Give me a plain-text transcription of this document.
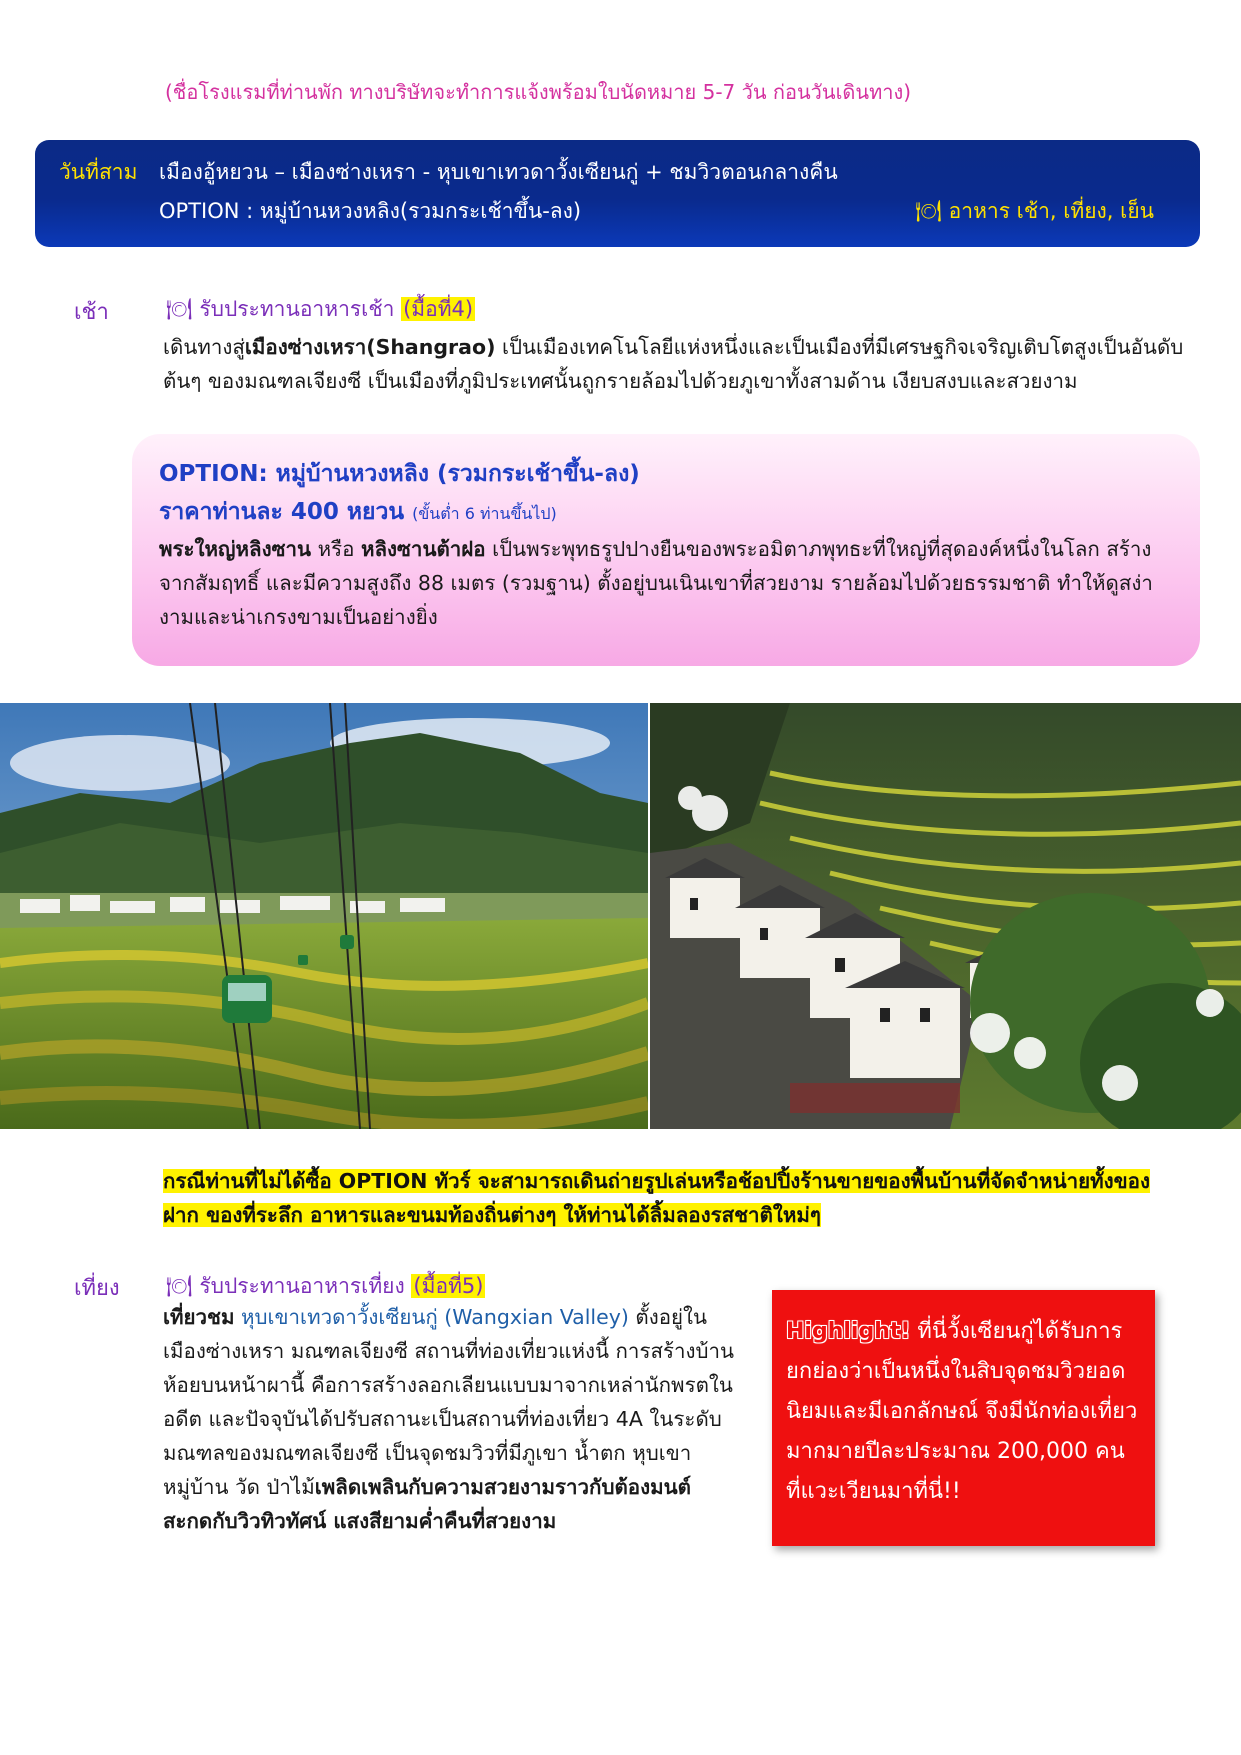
(ชื่อโรงแรมที่ท่านพัก ทางบริษัทจะทำการแจ้งพร้อมใบนัดหมาย 5-7 วัน ก่อนวันเดินทาง)
วันที่สาม เมืองอู้หยวน – เมืองซ่างเหรา - หุบเขาเทวดาวั้งเซียนกู่ + ชมวิวตอนกลางคืน
OPTION : หมู่บ้านหวงหลิง(รวมกระเช้าขึ้น-ลง)	🍽 อาหาร เช้า, เที่ยง, เย็น
เช้า	🍽 รับประทานอาหารเช้า (มื้อที่4)
เดินทางสู่เมืองซ่างเหรา(Shangrao) เป็นเมืองเทคโนโลยีแห่งหนึ่งและเป็นเมืองที่มีเศรษฐกิจเจริญเติบโตสูงเป็นอันดับต้นๆ ของมณฑลเจียงซี เป็นเมืองที่ภูมิประเทศนั้นถูกรายล้อมไปด้วยภูเขาทั้งสามด้าน เงียบสงบและสวยงาม
OPTION: หมู่บ้านหวงหลิง (รวมกระเช้าขึ้น-ลง)
ราคาท่านละ 400 หยวน (ขั้นต่ำ 6 ท่านขึ้นไป)
พระใหญ่หลิงซาน หรือ หลิงซานต้าฝอ เป็นพระพุทธรูปปางยืนของพระอมิตาภพุทธะที่ใหญ่ที่สุดองค์หนึ่งในโลก สร้างจากสัมฤทธิ์ และมีความสูงถึง 88 เมตร (รวมฐาน) ตั้งอยู่บนเนินเขาที่สวยงาม รายล้อมไปด้วยธรรมชาติ ทำให้ดูสง่างามและน่าเกรงขามเป็นอย่างยิ่ง
กรณีท่านที่ไม่ได้ซื้อ OPTION ทัวร์ จะสามารถเดินถ่ายรูปเล่นหรือช้อปปิ้งร้านขายของพื้นบ้านที่จัดจำหน่ายทั้งของฝาก ของที่ระลึก อาหารและขนมท้องถิ่นต่างๆ ให้ท่านได้ลิ้มลองรสชาติใหม่ๆ
เที่ยง 🍽 รับประทานอาหารเที่ยง (มื้อที่5)
เที่ยวชม หุบเขาเทวดาวั้งเซียนกู่ (Wangxian Valley) ตั้งอยู่ในเมืองซ่างเหรา มณฑลเจียงซี สถานที่ท่องเที่ยวแห่งนี้ การสร้างบ้านห้อยบนหน้าผานี้ คือการสร้างลอกเลียนแบบมาจากเหล่านักพรตในอดีต และปัจจุบันได้ปรับสถานะเป็นสถานที่ท่องเที่ยว 4A ในระดับมณฑลของมณฑลเจียงซี เป็นจุดชมวิวที่มีภูเขา น้ำตก หุบเขา หมู่บ้าน วัด ป่าไม้เพลิดเพลินกับความสวยงามราวกับต้องมนต์สะกดกับวิวทิวทัศน์ แสงสียามค่ำคืนที่สวยงาม
Highlight! ที่นี่วั้งเซียนกู่ได้รับการยกย่องว่าเป็นหนึ่งในสิบจุดชมวิวยอดนิยมและมีเอกลักษณ์ จึงมีนักท่องเที่ยวมากมายปีละประมาณ 200,000 คน ที่แวะเวียนมาที่นี่!!
